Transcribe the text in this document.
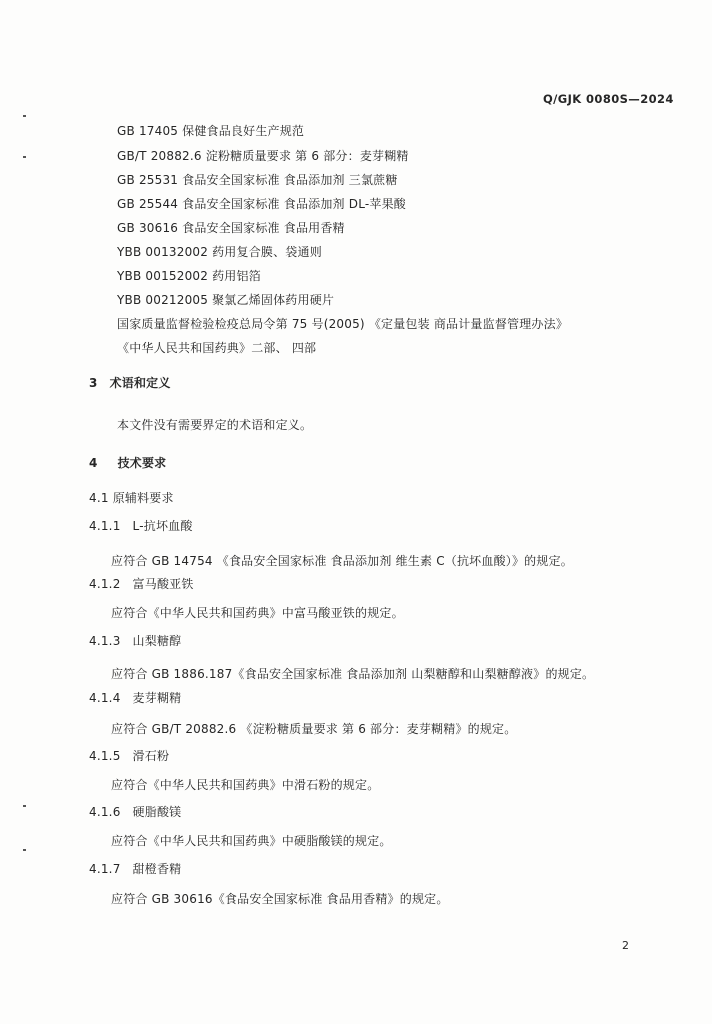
Q/GJK 0080S—2024
GB 17405 保健食品良好生产规范
GB/T 20882.6 淀粉糖质量要求 第 6 部分：麦芽糊精
GB 25531 食品安全国家标准 食品添加剂 三氯蔗糖
GB 25544 食品安全国家标准 食品添加剂 DL-苹果酸
GB 30616 食品安全国家标准 食品用香精
YBB 00132002 药用复合膜、袋通则
YBB 00152002 药用铝箔
YBB 00212005 聚氯乙烯固体药用硬片
国家质量监督检验检疫总局令第 75 号(2005) 《定量包装 商品计量监督管理办法》
《中华人民共和国药典》二部、 四部
3 术语和定义
本文件没有需要界定的术语和定义。
4 技术要求
4.1 原辅料要求
4.1.1 L-抗坏血酸
应符合 GB 14754 《食品安全国家标准 食品添加剂 维生素 C（抗坏血酸）》的规定。
4.1.2 富马酸亚铁
应符合《中华人民共和国药典》中富马酸亚铁的规定。
4.1.3 山梨糖醇
应符合 GB 1886.187《食品安全国家标准 食品添加剂 山梨糖醇和山梨糖醇液》的规定。
4.1.4 麦芽糊精
应符合 GB/T 20882.6 《淀粉糖质量要求 第 6 部分：麦芽糊精》的规定。
4.1.5 滑石粉
应符合《中华人民共和国药典》中滑石粉的规定。
4.1.6 硬脂酸镁
应符合《中华人民共和国药典》中硬脂酸镁的规定。
4.1.7 甜橙香精
应符合 GB 30616《食品安全国家标准 食品用香精》的规定。
2
